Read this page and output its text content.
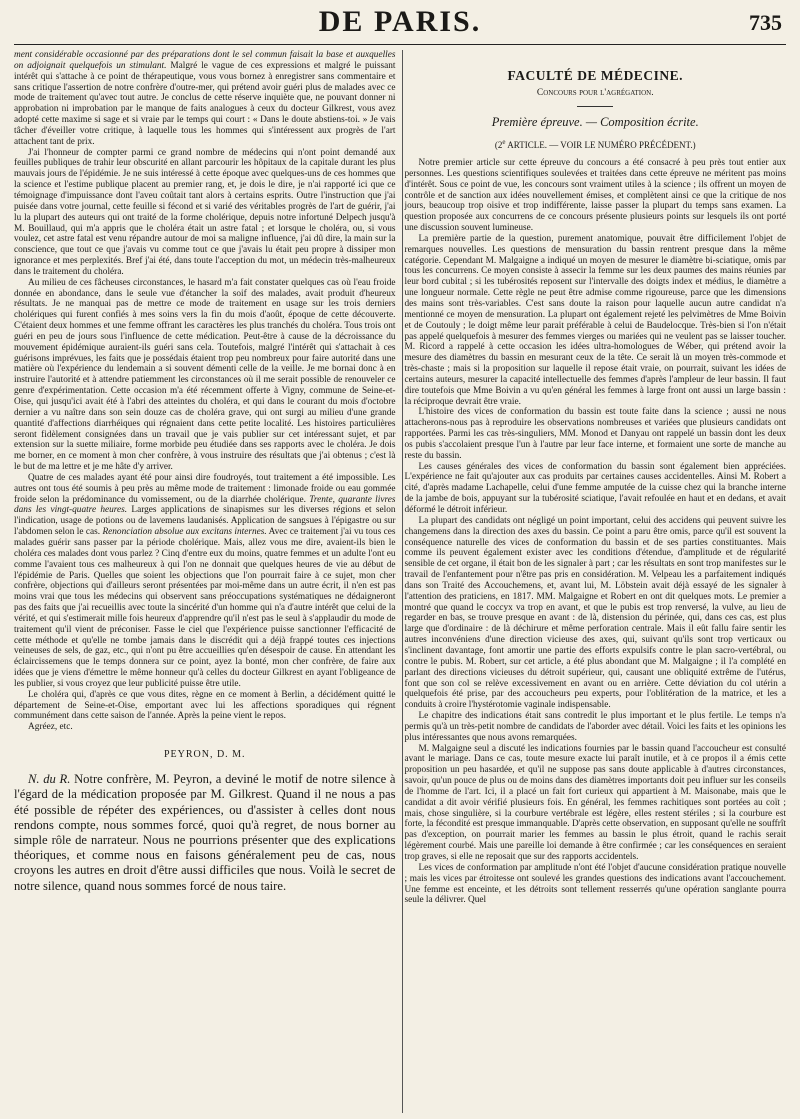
DE PARIS.	735

ment considérable occasionné par des préparations dont le sel commun faisait la base et auxquelles on adjoignait quelquefois un stimulant. Malgré le vague de ces expressions et malgré le puissant intérêt qui s'attache à ce point de thérapeutique, vous vous bornez à enregistrer sans commentaire et sans critique l'assertion de notre confrère d'outre-mer, qui prétend avoir guéri plus de malades avec ce mode de traitement qu'avec tout autre. Je conclus de cette réserve inquiète que, ne pouvant donner ni approbation ni improbation par le manque de faits analogues à ceux du docteur Gilkrest, vous avez adopté cette maxime si sage et si vraie par le temps qui court : « Dans le doute abstiens-toi. » Je vais tâcher d'éveiller votre critique, à laquelle tous les hommes qui s'intéressent aux progrès de l'art attachent tant de prix.

J'ai l'honneur de compter parmi ce grand nombre de médecins qui n'ont point demandé aux feuilles publiques de trahir leur obscurité en allant parcourir les hôpitaux de la capitale durant les plus mauvais jours de l'épidémie. Je ne suis intéressé à cette époque avec quelques-uns de ces hommes que la science et l'estime publique placent au premier rang, et, je dois le dire, je n'ai rapporté ici que ce témoignage d'impuissance dont l'aveu coûtait tant alors à certains esprits. Outre l'instruction que j'ai puisée dans votre journal, cette feuille si fécond et si varié des véritables progrès de l'art de guérir, j'ai lu la plupart des auteurs qui ont traité de la forme cholérique, depuis notre infortuné Delpech jusqu'à M. Bouillaud, qui m'a appris que le choléra était un astre fatal ; et lorsque le choléra, ou, si vous voulez, cet astre fatal est venu répandre autour de moi sa maligne influence, j'ai dû dire, la main sur la conscience, que tout ce que j'avais vu comme tout ce que j'avais lu était peu propre à dissiper mon ignorance et mes perplexités. Bref j'ai été, dans toute l'acception du mot, un médecin très-malheureux dans le traitement du choléra.

Au milieu de ces fâcheuses circonstances, le hasard m'a fait constater quelques cas où l'eau froide donnée en abondance, dans le seule vue d'étancher la soif des malades, avait produit d'heureux résultats. Je ne manquai pas de mettre ce mode de traitement en usage sur les trois derniers cholériques qui furent confiés à mes soins vers la fin du mois d'août, époque de cette découverte. C'étaient deux hommes et une femme offrant les caractères les plus tranchés du choléra. Tous trois ont guéri en peu de jours sous l'influence de cette médication. Peut-être à cause de la décroissance du mouvement épidémique auraient-ils guéri sans cela. Toutefois, malgré l'intérêt qui s'attachait à ces guérisons imprévues, les faits que je possédais étaient trop peu nombreux pour faire autorité dans une matière où l'expérience du lendemain a si souvent démenti celle de la veille. Je me bornai donc à en instruire l'autorité et à attendre patiemment les circonstances où il me serait possible de renouveler ce genre d'expérimentation. Cette occasion m'a été récemment offerte à Vigny, commune de Seine-et-Oise, qui jusqu'ici avait été à l'abri des atteintes du choléra, et qui dans le courant du mois d'octobre dernier a vu naître dans son sein douze cas de choléra grave, qui ont surgi au milieu d'une grande quantité d'affections diarrhéiques qui régnaient dans cette petite localité. Les histoires particulières seront fidèlement consignées dans un travail que je vais publier sur cet intéressant sujet, et par extension sur la suette miliaire, forme morbide peu étudiée dans ses rapports avec le choléra. Je dois me borner, en ce moment à mon cher confrère, à vous instruire des résultats que j'ai obtenus ; c'est là le but de ma lettre et je me hâte d'y arriver.

Quatre de ces malades ayant été pour ainsi dire foudroyés, tout traitement a été impossible. Les autres ont tous été soumis à peu près au même mode de traitement : limonade froide ou eau gommée froide selon la prédominance du vomissement, ou de la diarrhée cholérique. Trente, quarante livres dans les vingt-quatre heures. Larges applications de sinapismes sur les diverses régions et selon l'indication, usage de potions ou de lavemens laudanisés. Application de sangsues à l'épigastre ou sur l'abdomen selon le cas. Renonciation absolue aux excitans internes. Avec ce traitement j'ai vu tous ces malades guérir sans passer par la période cholérique. Mais, allez vous me dire, avaient-ils bien le choléra ces malades dont vous parlez ? Cinq d'entre eux du moins, quatre femmes et un adulte l'ont eu comme l'avaient tous ces malheureux à qui l'on ne donnait que quelques heures de vie au début de l'épidémie de Paris. Quelles que soient les objections que l'on pourrait faire à ce sujet, mon cher confrère, objections qui d'ailleurs seront présentées par moi-même dans un autre écrit, il n'en est pas moins vrai que tous les médecins qui observent sans préoccupations systématiques ne dédaigneront pas des faits que j'ai recueillis avec toute la sincérité d'un homme qui n'a d'autre intérêt que celui de la vérité, et qui s'estimerait mille fois heureux d'apprendre qu'il n'est pas le seul à s'applaudir du mode de traitement qu'il vient de préconiser. Fasse le ciel que l'expérience puisse sanctionner l'efficacité de cette méthode et qu'elle ne tombe jamais dans le discrédit qui a déjà frappé toutes ces injections veineuses de sels, de gaz, etc., qui n'ont pu être accueillies qu'en désespoir de cause. En attendant les éclaircissemens que le temps donnera sur ce point, ayez la bonté, mon cher confrère, de faire aux idées que je viens d'émettre le même honneur qu'à celles du docteur Gilkrest en ayant l'obligeance de les publier, si vous croyez que leur publicité puisse être utile.

Le choléra qui, d'après ce que vous dites, règne en ce moment à Berlin, a décidément quitté le département de Seine-et-Oise, emportant avec lui les affections sporadiques qui régnent communément dans cette saison de l'année. Après la peine vient le repos.

Agréez, etc.

PEYRON, D. M.

N. du R. Notre confrère, M. Peyron, a deviné le motif de notre silence à l'égard de la médication proposée par M. Gilkrest. Quand il ne nous a pas été possible de répéter des expériences, ou d'assister à celles dont nous rendons compte, nous sommes forcé, quoi qu'à regret, de nous borner au simple rôle de narrateur. Nous ne pourrions présenter que des explications théoriques, et comme nous en faisons généralement peu de cas, nous croyons les autres en droit d'être aussi difficiles que nous. Voilà le secret de notre silence, quand nous sommes forcé de nous taire.

FACULTÉ DE MÉDECINE.
Concours pour l'agrégation.
Première épreuve. — Composition écrite.
(2e ARTICLE. — VOIR LE NUMÉRO PRÉCÉDENT.)

Notre premier article sur cette épreuve du concours a été consacré à peu près tout entier aux personnes. Les questions scientifiques soulevées et traitées dans cette épreuve ne méritent pas moins d'intérêt. Sous ce point de vue, les concours sont vraiment utiles à la science ; ils offrent un moyen de contrôle et de sanction aux idées nouvellement émises, et complètent ainsi ce que la critique de nos jours, beaucoup trop oisive et trop indifférente, laisse passer la plupart du temps sans examen. La question proposée aux concurrens de ce concours présente plusieurs points sur lesquels ils ont porté une discussion souvent lumineuse.

La première partie de la question, purement anatomique, pouvait être difficilement l'objet de remarques nouvelles. Les questions de mensuration du bassin rentrent presque dans la même catégorie. Cependant M. Malgaigne a indiqué un moyen de mesurer le diamètre bi-sciatique, omis par tous les concurrens. Ce moyen consiste à assecir la femme sur les deux paumes des mains réunies par leur bord cubital ; si les tubérosités reposent sur l'intervalle des doigts index et médius, le diamètre a une longueur normale. Cette règle ne peut être admise comme rigoureuse, parce que les dimensions des mains sont très-variables. C'est sans doute la raison pour laquelle aucun autre candidat n'a mentionné ce moyen de mensuration. La plupart ont également rejeté les pelvimètres de Mme Boivin et de Coutouly ; le doigt même leur parait préférable à celui de Baudelocque. Très-bien si l'on n'était pas appelé quelquefois à mesurer des femmes vierges ou mariées qui ne veulent pas se laisser toucher. M. Ricord a rappelé à cette occasion les idées ultra-homologues de Wéber, qui prétend avoir la mesure des diamètres du bassin en mesurant ceux de la tête. Ce serait là un moyen très-commode et très-chaste ; mais si la proposition sur laquelle il repose était vraie, on pourrait, suivant les idées de certains auteurs, mesurer la capacité intellectuelle des femmes d'après l'ampleur de leur bassin. Il faut dire toutefois que Mme Boivin a vu qu'en général les femmes à large front ont aussi un large bassin : la réciproque devrait être vraie.

L'histoire des vices de conformation du bassin est toute faite dans la science ; aussi ne nous attacherons-nous pas à reproduire les observations nombreuses et variées que plusieurs candidats ont rapportées. Parmi les cas très-singuliers, MM. Monod et Danyau ont rappelé un bassin dont les deux os pubis s'accolaient presque l'un à l'autre par leur face interne, et formaient une sorte de manche au reste du bassin.

Les causes générales des vices de conformation du bassin sont également bien appréciées. L'expérience ne fait qu'ajouter aux cas produits par certaines causes accidentelles. Ainsi M. Robert a cité, d'après madame Lachapelle, celui d'une femme amputée de la cuisse chez qui la branche interne de la jambe de bois, appuyant sur la tubérosité sciatique, l'avait refoulée en haut et en dedans, et avait déformé le détroit inférieur.

La plupart des candidats ont négligé un point important, celui des accidens qui peuvent suivre les changemens dans la direction des axes du bassin. Ce point a paru être omis, parce qu'il est souvent la conséquence naturelle des vices de conformation du bassin et de ses parties constituantes. Mais comme ils peuvent également exister avec les conditions d'étendue, d'amplitude et de régularité sensible de cet organe, il était bon de les signaler à part ; car les résultats en sont trop manifestes sur le travail de l'enfantement pour n'être pas pris en considération. M. Velpeau les a parfaitement indiqués dans son Traité des Accouchemens, et, avant lui, M. Löbstein avait déjà essayé de les signaler à l'attention des praticiens, en 1817. MM. Malgaigne et Robert en ont dit quelques mots. Le premier a montré que quand le coccyx va trop en avant, et que le pubis est trop renversé, la vulve, au lieu de regarder en bas, se trouve presque en avant : de là, distension du périnée, qui, dans ces cas, est plus large que d'ordinaire : de là déchirure et même perforation centrale. Mais il eût fallu faire sentir les autres inconvéniens d'une direction vicieuse des axes, qui, suivant qu'ils sont trop verticaux ou s'inclinent davantage, font amortir une partie des efforts expulsifs contre le plan sacro-vertébral, ou contre le pubis. M. Robert, sur cet article, a été plus abondant que M. Malgaigne ; il l'a complété en parlant des directions vicieuses du détroit supérieur, qui, causant une obliquité extrême de l'utérus, font que son col se relève excessivement en avant ou en arrière. Cette déviation du col utérin a quelquefois été prise, par des accoucheurs peu experts, pour l'oblitération de la matrice, et les a conduits à croire l'hystérotomie vaginale indispensable.

Le chapitre des indications était sans contredit le plus important et le plus fertile. Le temps n'a permis qu'à un très-petit nombre de candidats de l'aborder avec détail. Voici les faits et les opinions les plus intéressantes que nous avons remarquées.

M. Malgaigne seul a discuté les indications fournies par le bassin quand l'accoucheur est consulté avant le mariage. Dans ce cas, toute mesure exacte lui paraît inutile, et à ce propos il a émis cette proposition un peu hasardée, et qu'il ne suppose pas sans doute applicable à d'autres circonstances, savoir, qu'un pouce de plus ou de moins dans des diamètres importants doit peu influer sur les conseils de l'homme de l'art. Ici, il a placé un fait fort curieux qui appartient à M. Maisonabe, mais que le candidat a dit avoir vérifié plusieurs fois. En général, les femmes rachitiques sont portées au coït ; mais, chose singulière, si la courbure vertébrale est légère, elles restent stériles ; si la courbure est forte, la fécondité est presque immanquable. D'après cette observation, en supposant qu'elle ne souffrît pas d'exception, on pourrait marier les femmes au bassin le plus étroit, quand le rachis serait légèrement courbé. Mais une pareille loi demande à être confirmée ; car les conséquences en seraient trop graves, si elle ne reposait que sur des rapports accidentels.

Les vices de conformation par amplitude n'ont été l'objet d'aucune considération pratique nouvelle ; mais les vices par étroitesse ont soulevé les grandes questions des indications avant l'accouchement. Une femme est enceinte, et les détroits sont tellement resserrés qu'une opération sanglante pourra seule la délivrer. Quel
